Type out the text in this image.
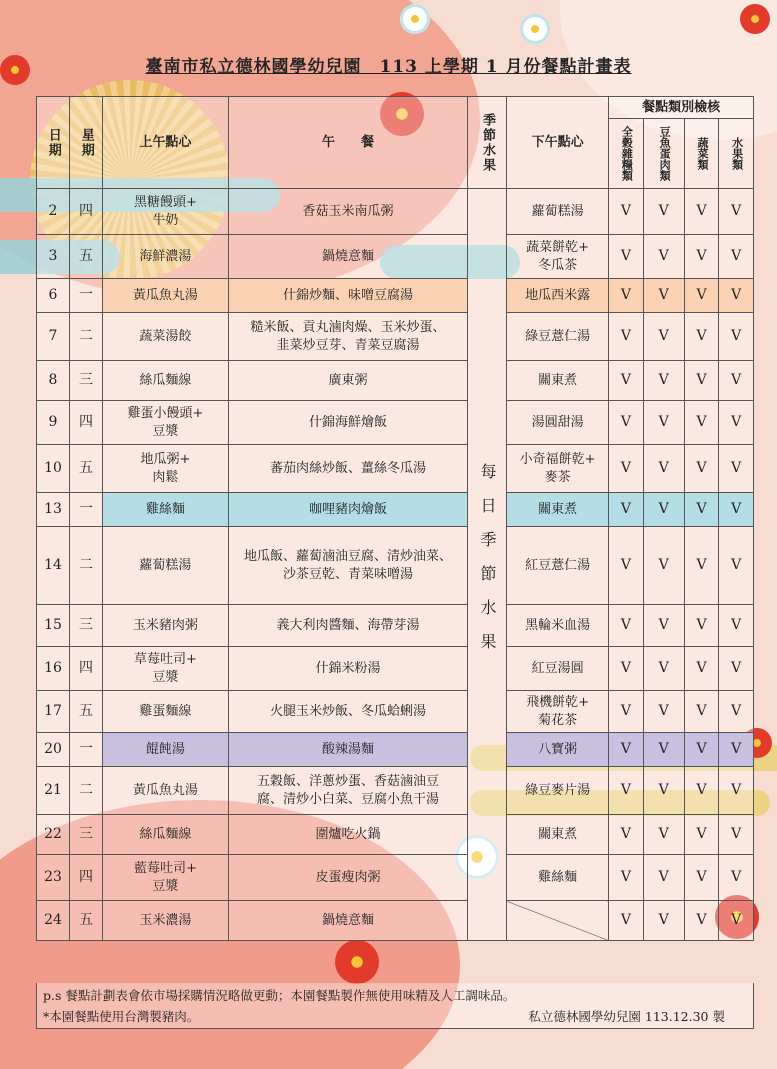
臺南市私立德林國學幼兒園　113 上學期 1 月份餐點計畫表
日期	星期	上午點心	午　　餐	季節水果	下午點心	餐點類別檢核			

						全穀雜糧類	豆魚蛋肉類	蔬菜類	水果類

2	四	黑糖饅頭+
牛奶	香菇玉米南瓜粥	每日季節水果	蘿蔔糕湯	V	V	V	V
3	五	海鮮濃湯	鍋燒意麵		蔬菜餅乾+
冬瓜茶	V	V	V	V
6	一	黃瓜魚丸湯	什錦炒麵、味噌豆腐湯		地瓜西米露	V	V	V	V
7	二	蔬菜湯餃	糙米飯、貢丸滷肉燥、玉米炒蛋、
韭菜炒豆芽、青菜豆腐湯		綠豆薏仁湯	V	V	V	V
8	三	絲瓜麵線	廣東粥		關東煮	V	V	V	V
9	四	雞蛋小饅頭+
豆漿	什錦海鮮燴飯		湯圓甜湯	V	V	V	V
10	五	地瓜粥+
肉鬆	蕃茄肉絲炒飯、薑絲冬瓜湯		小奇福餅乾+
麥茶	V	V	V	V
13	一	雞絲麵	咖哩豬肉燴飯		關東煮	V	V	V	V
14	二	蘿蔔糕湯	地瓜飯、蘿蔔滷油豆腐、清炒油菜、
沙茶豆乾、青菜味噌湯		紅豆薏仁湯	V	V	V	V
15	三	玉米豬肉粥	義大利肉醬麵、海帶芽湯		黑輪米血湯	V	V	V	V
16	四	草莓吐司+
豆漿	什錦米粉湯		紅豆湯圓	V	V	V	V
17	五	雞蛋麵線	火腿玉米炒飯、冬瓜蛤蜊湯		飛機餅乾+
菊花茶	V	V	V	V
20	一	餛飩湯	酸辣湯麵		八寶粥	V	V	V	V
21	二	黃瓜魚丸湯	五穀飯、洋蔥炒蛋、香菇滷油豆
腐、清炒小白菜、豆腐小魚干湯		綠豆麥片湯	V	V	V	V
22	三	絲瓜麵線	圍爐吃火鍋		關東煮	V	V	V	V
23	四	藍莓吐司+
豆漿	皮蛋瘦肉粥		雞絲麵	V	V	V	V
24	五	玉米濃湯	鍋燒意麵			V	V	V	V
p.s 餐點計劃表會依市場採購情況略做更動；本園餐點製作無使用味精及人工調味品。
*本園餐點使用台灣製豬肉。	私立德林國學幼兒園 113.12.30 製
